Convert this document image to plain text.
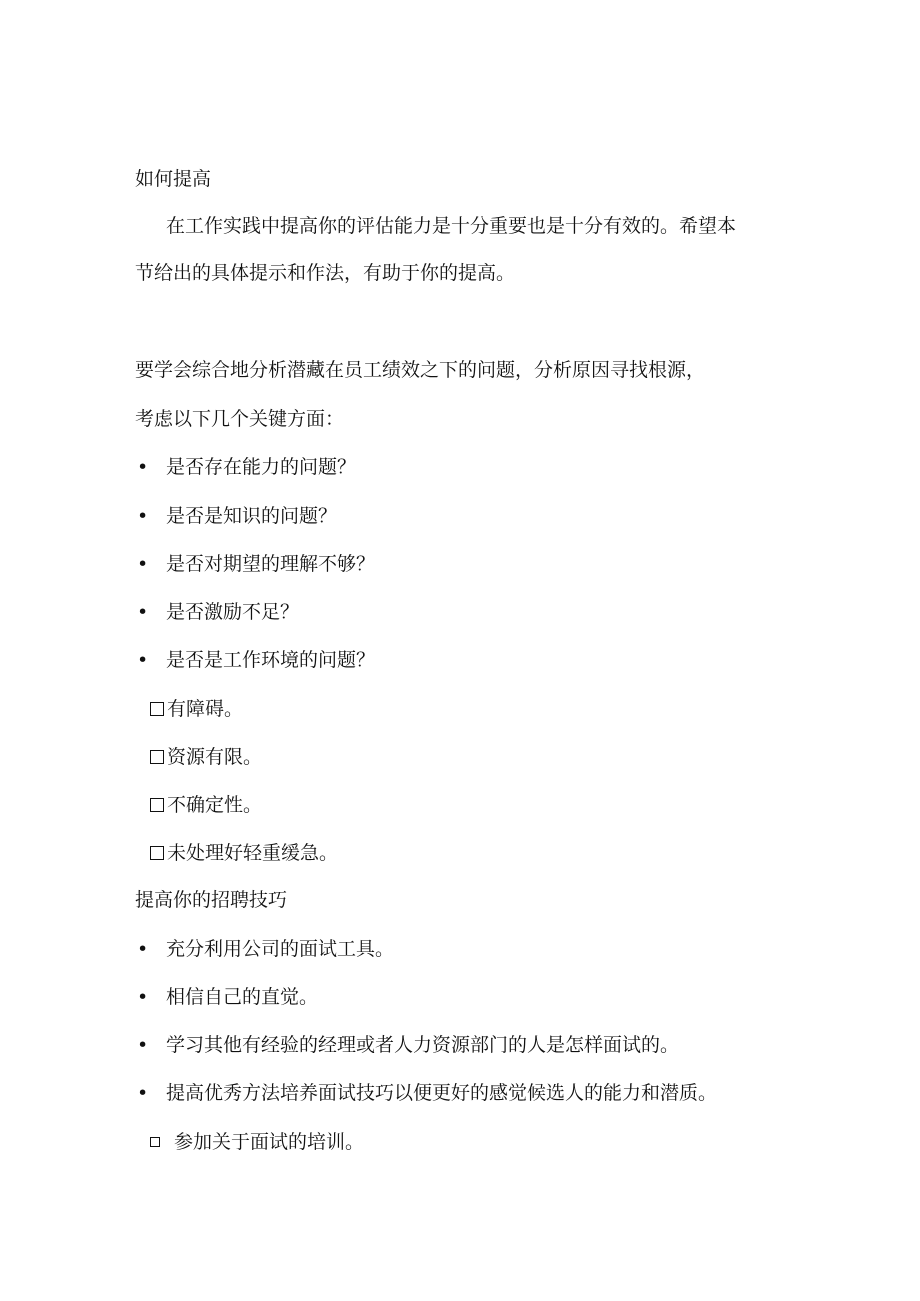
如何提高
在工作实践中提高你的评估能力是十分重要也是十分有效的。希望本
节给出的具体提示和作法，有助于你的提高。
要学会综合地分析潜藏在员工绩效之下的问题，分析原因寻找根源，
考虑以下几个关键方面：
• 是否存在能力的问题？
• 是否是知识的问题？
• 是否对期望的理解不够？
• 是否激励不足？
• 是否是工作环境的问题？
有障碍。
资源有限。
不确定性。
未处理好轻重缓急。
提高你的招聘技巧
• 充分利用公司的面试工具。
• 相信自己的直觉。
• 学习其他有经验的经理或者人力资源部门的人是怎样面试的。
• 提高优秀方法培养面试技巧以便更好的感觉候选人的能力和潜质。
参加关于面试的培训。
